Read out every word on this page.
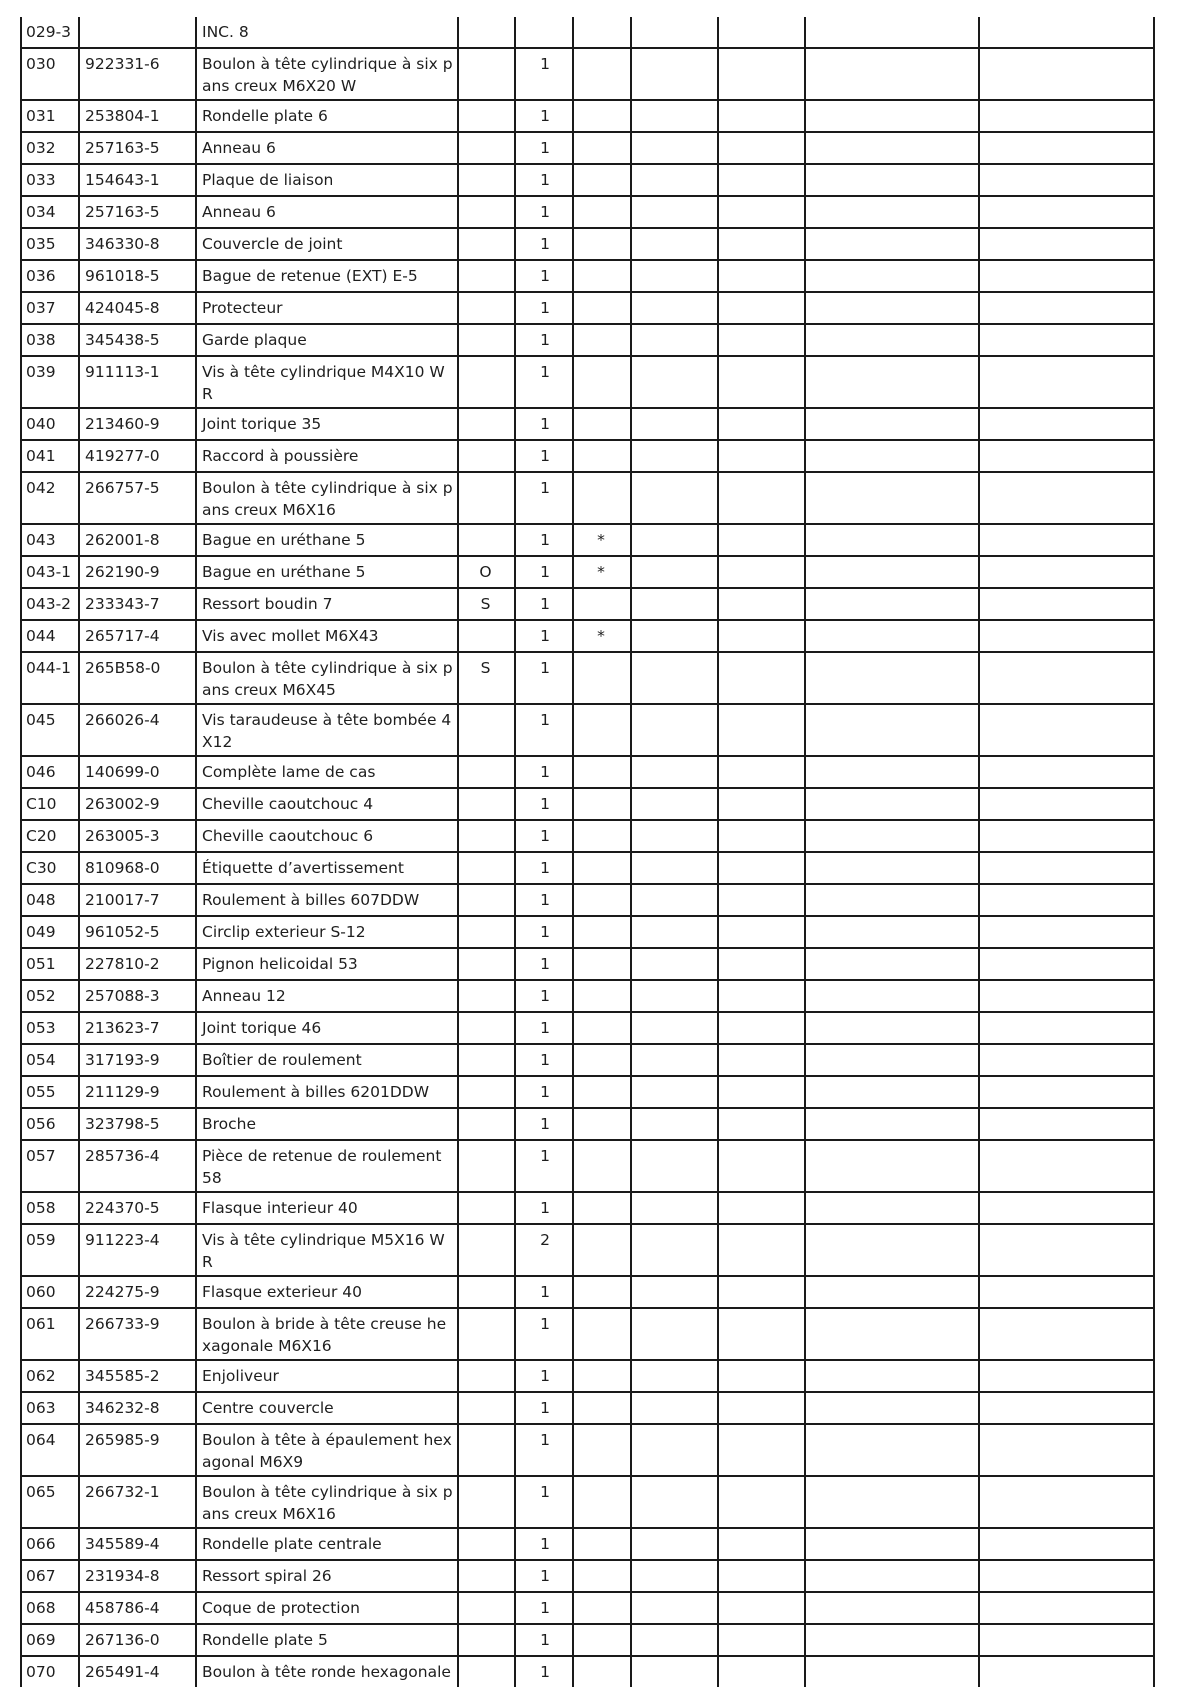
029-3		INC. 8							
030	922331-6	Boulon à tête cylindrique à six pans creux M6X20 W		1					
031	253804-1	Rondelle plate 6		1					
032	257163-5	Anneau 6		1					
033	154643-1	Plaque de liaison		1					
034	257163-5	Anneau 6		1					
035	346330-8	Couvercle de joint		1					
036	961018-5	Bague de retenue (EXT) E-5		1					
037	424045-8	Protecteur		1					
038	345438-5	Garde plaque		1					
039	911113-1	Vis à tête cylindrique M4X10 WR		1					
040	213460-9	Joint torique 35		1					
041	419277-0	Raccord à poussière		1					
042	266757-5	Boulon à tête cylindrique à six pans creux M6X16		1					
043	262001-8	Bague en uréthane 5		1	*				
043-1	262190-9	Bague en uréthane 5	O	1	*				
043-2	233343-7	Ressort boudin 7	S	1					
044	265717-4	Vis avec mollet M6X43		1	*				
044-1	265B58-0	Boulon à tête cylindrique à six pans creux M6X45	S	1					
045	266026-4	Vis taraudeuse à tête bombée 4X12		1					
046	140699-0	Complète lame de cas		1					
C10	263002-9	Cheville caoutchouc 4		1					
C20	263005-3	Cheville caoutchouc 6		1					
C30	810968-0	Étiquette d’avertissement		1					
048	210017-7	Roulement à billes 607DDW		1					
049	961052-5	Circlip exterieur S-12		1					
051	227810-2	Pignon helicoidal 53		1					
052	257088-3	Anneau 12		1					
053	213623-7	Joint torique 46		1					
054	317193-9	Boîtier de roulement		1					
055	211129-9	Roulement à billes 6201DDW		1					
056	323798-5	Broche		1					
057	285736-4	Pièce de retenue de roulement 58		1					
058	224370-5	Flasque interieur 40		1					
059	911223-4	Vis à tête cylindrique M5X16 WR		2					
060	224275-9	Flasque exterieur 40		1					
061	266733-9	Boulon à bride à tête creuse hexagonale M6X16		1					
062	345585-2	Enjoliveur		1					
063	346232-8	Centre couvercle		1					
064	265985-9	Boulon à tête à épaulement hexagonal M6X9		1					
065	266732-1	Boulon à tête cylindrique à six pans creux M6X16		1					
066	345589-4	Rondelle plate centrale		1					
067	231934-8	Ressort spiral 26		1					
068	458786-4	Coque de protection		1					
069	267136-0	Rondelle plate 5		1					
070	265491-4	Boulon à tête ronde hexagonale		1					
